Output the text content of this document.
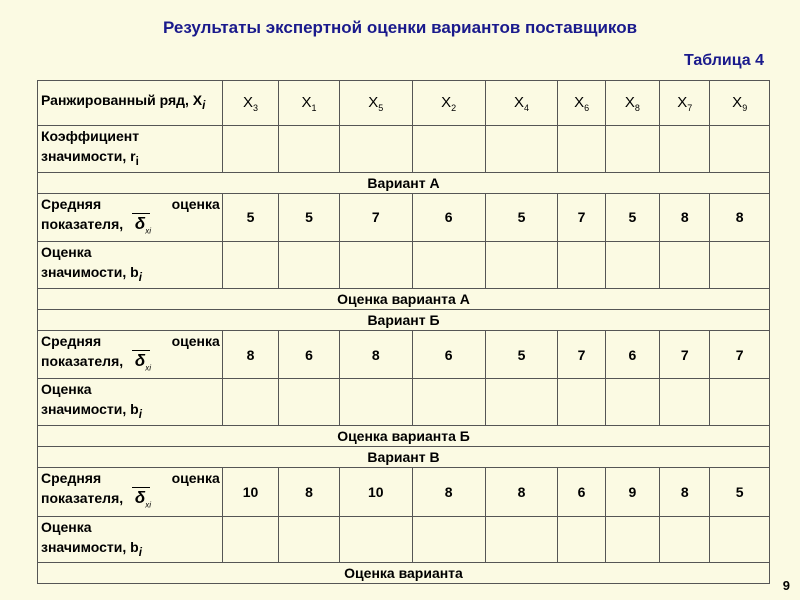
Результаты экспертной оценки вариантов поставщиков
Таблица 4
Ранжированный ряд, $X_i$	$X_3$	$X_1$	$X_5$	$X_2$	$X_4$	$X_6$	$X_8$	$X_7$	$X_9$
Коэффициент значимости, $r_i$									
Вариант А									

Средняя оценка
показателя, $\delta_{xi}$	5	5	7	6	5	7	5	8	8
Оценка
значимости, $b_i$									
Оценка варианта А									
Вариант Б									

Средняя оценка
показателя, $\delta_{xi}$	8	6	8	6	5	7	6	7	7
Оценка
значимости, $b_i$									
Оценка варианта Б									
Вариант В									

Средняя оценка
показателя, $\delta_{xi}$	10	8	10	8	8	6	9	8	5
Оценка
значимости, $b_i$									
Оценка варианта									
9
